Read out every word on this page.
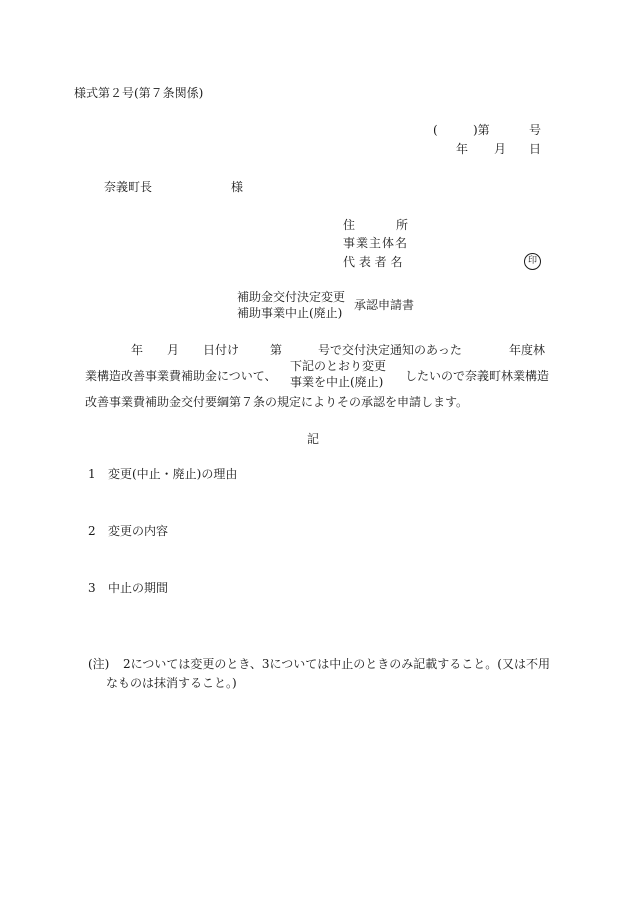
様式第２号(第７条関係)
(	)第	号
年 月 日
奈義町長	様
住	所
事業主体名
代 表 者 名	印
補助金交付決定変更
補助事業中止(廃止)
承認申請書
年 月 日付け	第	号で交付決定通知のあった	年度林
業構造改善事業費補助金について、
下記のとおり変更
事業を中止(廃止) したいので奈義町林業構造
改善事業費補助金交付要綱第７条の規定によりその承認を申請します。
記
1 変更(中止・廃止)の理由
2 変更の内容
3 中止の期間
(注) 2については変更のとき、3については中止のときのみ記載すること。(又は不用
なものは抹消すること。)
